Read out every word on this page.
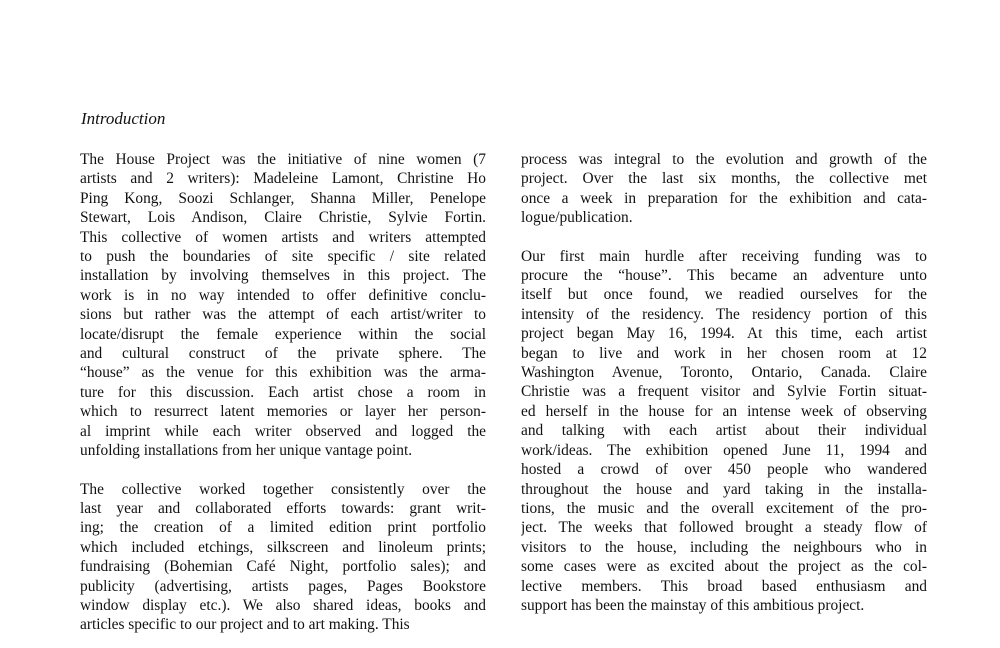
Introduction
The House Project was the initiative of nine women (7
artists and 2 writers): Madeleine Lamont, Christine Ho
Ping Kong, Soozi Schlanger, Shanna Miller, Penelope
Stewart, Lois Andison, Claire Christie, Sylvie Fortin.
This collective of women artists and writers attempted
to push the boundaries of site specific / site related
installation by involving themselves in this project. The
work is in no way intended to offer definitive conclu-
sions but rather was the attempt of each artist/writer to
locate/disrupt the female experience within the social
and cultural construct of the private sphere. The
“house” as the venue for this exhibition was the arma-
ture for this discussion. Each artist chose a room in
which to resurrect latent memories or layer her person-
al imprint while each writer observed and logged the
unfolding installations from her unique vantage point.
The collective worked together consistently over the
last year and collaborated efforts towards: grant writ-
ing; the creation of a limited edition print portfolio
which included etchings, silkscreen and linoleum prints;
fundraising (Bohemian Café Night, portfolio sales); and
publicity (advertising, artists pages, Pages Bookstore
window display etc.). We also shared ideas, books and
articles specific to our project and to art making. This
process was integral to the evolution and growth of the
project. Over the last six months, the collective met
once a week in preparation for the exhibition and cata-
logue/publication.
Our first main hurdle after receiving funding was to
procure the “house”. This became an adventure unto
itself but once found, we readied ourselves for the
intensity of the residency. The residency portion of this
project began May 16, 1994. At this time, each artist
began to live and work in her chosen room at 12
Washington Avenue, Toronto, Ontario, Canada. Claire
Christie was a frequent visitor and Sylvie Fortin situat-
ed herself in the house for an intense week of observing
and talking with each artist about their individual
work/ideas. The exhibition opened June 11, 1994 and
hosted a crowd of over 450 people who wandered
throughout the house and yard taking in the installa-
tions, the music and the overall excitement of the pro-
ject. The weeks that followed brought a steady flow of
visitors to the house, including the neighbours who in
some cases were as excited about the project as the col-
lective members. This broad based enthusiasm and
support has been the mainstay of this ambitious project.
